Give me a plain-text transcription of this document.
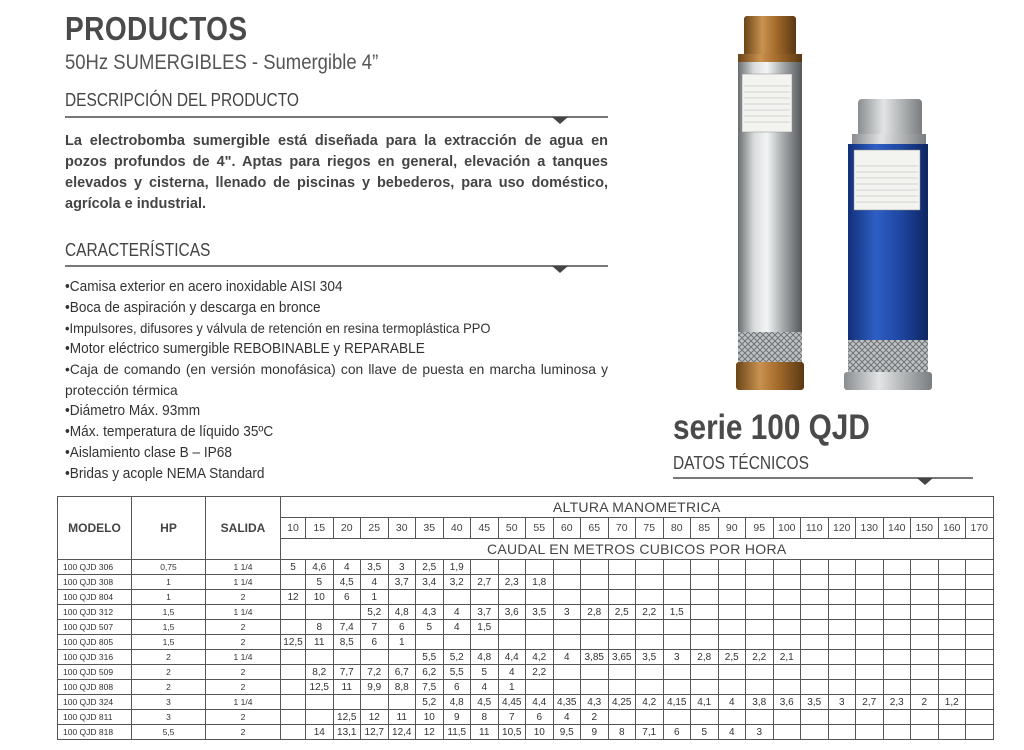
PRODUCTOS
50Hz SUMERGIBLES - Sumergible 4”
DESCRIPCIÓN DEL PRODUCTO
La electrobomba sumergible está diseñada para la extracción de agua en pozos profundos de 4". Aptas para riegos en general, elevación a tanques elevados y cisterna, llenado de piscinas y bebederos, para uso doméstico, agrícola e industrial.
CARACTERÍSTICAS
•Camisa exterior en acero inoxidable AISI 304
•Boca de aspiración y descarga en bronce
•Impulsores, difusores y válvula de retención en resina termoplástica PPO
•Motor eléctrico sumergible REBOBINABLE y REPARABLE
•Caja de comando (en versión monofásica) con llave de puesta en marcha luminosa y protección térmica
•Diámetro Máx. 93mm
•Máx. temperatura de líquido 35ºC
•Aislamiento clase B – IP68
•Bridas y acople NEMA Standard
serie 100 QJD
DATOS TÉCNICOS
MODELO	HP	SALIDA	ALTURA MANOMETRICA																									
			10	15	20	25	30	35	40	45	50	55	60	65	70	75	80	85	90	95	100	110	120	130	140	150	160	170
			CAUDAL EN METROS CUBICOS POR HORA																									
100 QJD 306	0,75	1 1/4	5	4,6	4	3,5	3	2,5	1,9																			
100 QJD 308	1	1 1/4		5	4,5	4	3,7	3,4	3,2	2,7	2,3	1,8																
100 QJD 804	1	2	12	10	6	1																						
100 QJD 312	1,5	1 1/4				5,2	4,8	4,3	4	3,7	3,6	3,5	3	2,8	2,5	2,2	1,5											
100 QJD 507	1,5	2		8	7,4	7	6	5	4	1,5																		
100 QJD 805	1,5	2	12,5	11	8,5	6	1																					
100 QJD 316	2	1 1/4						5,5	5,2	4,8	4,4	4,2	4	3,85	3,65	3,5	3	2,8	2,5	2,2	2,1							
100 QJD 509	2	2		8,2	7,7	7,2	6,7	6,2	5,5	5	4	2,2																
100 QJD 808	2	2		12,5	11	9,9	8,8	7,5	6	4	1																	
100 QJD 324	3	1 1/4						5,2	4,8	4,5	4,45	4,4	4,35	4,3	4,25	4,2	4,15	4,1	4	3,8	3,6	3,5	3	2,7	2,3	2	1,2	
100 QJD 811	3	2			12,5	12	11	10	9	8	7	6	4	2														
100 QJD 818	5,5	2		14	13,1	12,7	12,4	12	11,5	11	10,5	10	9,5	9	8	7,1	6	5	4	3								
